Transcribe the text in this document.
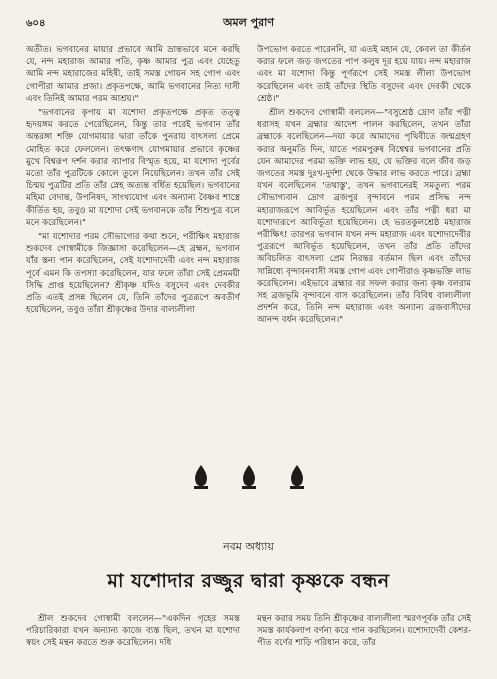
৬০৪	অমল পুরাণ

অতীত। ভগবানের মায়ার প্রভাবে আমি ভ্রান্তভাবে মনে করছি যে, নন্দ মহারাজ আমার পতি, কৃষ্ণ আমার পুত্র এবং যেহেতু আমি নন্দ মহারাজের মহিষী, তাই সমস্ত গোয়ন সহ গোপ এবং গোপীরা আমার প্রজা। প্রকৃতপক্ষে, আমি ভগবানের নিত্য দাসী এবং তিনিই আমার পরম আশ্রয়।"

"ভগবানের কৃপায় মা যশোদা প্রকৃতপক্ষে প্রকৃত তত্ত্ব হৃদয়ঙ্গম করতে পেরেছিলেন, কিন্তু তার পরেই ভগবান তাঁর অন্তরঙ্গা শক্তি যোগমায়ার দ্বারা তাঁকে পুনরায় বাৎসল্য প্রেমে মোহিত করে ফেললেন। তৎক্ষণাৎ যোগমায়ার প্রভাবে কৃষ্ণের মুখে বিশ্বরূপ দর্শন করার ব্যাপার বিস্মৃত হয়ে, মা যশোদা পূর্বের মতো তাঁর পুত্রটিকে কোলে তুলে নিয়েছিলেন। তখন তাঁর সেই চিন্ময় পুত্রটির প্রতি তাঁর স্নেহ অত্যন্ত বর্ধিত হয়েছিল। ভগবানের মহিমা বেদান্ত, উপনিষদ, সাংখ্যযোগ এবং অন্যান্য বৈষ্ণব শাস্ত্রে কীর্তিত হয়, তবুও মা যশোদা সেই ভগবানকে তাঁর শিশুপুত্র বলে মনে করেছিলেন।"

"মা যশোদার পরম সৌভাগ্যের কথা শুনে, পরীক্ষিৎ মহারাজ শুকদেব গোস্বামীকে জিজ্ঞাসা করেছিলেন—হে ব্রহ্মন, ভগবান যাঁর স্তন্য পান করেছিলেন, সেই যশোদাদেবী এবং নন্দ মহারাজ পূর্বে এমন কি তপস্যা করেছিলেন, যার ফলে তাঁরা সেই প্রেমময়ী সিদ্ধি প্রাপ্ত হয়েছিলেন? শ্রীকৃষ্ণ যদিও বসুদেব এবং দেবকীর প্রতি এতই প্রসন্ন ছিলেন যে, তিনি তাঁদের পুত্ররূপে অবতীর্ণ হয়েছিলেন, তবুও তাঁরা শ্রীকৃষ্ণের উদার বাল্যলীলা

উপভোগ করতে পারেননি, যা এতই মহান যে, কেবল তা কীর্তন করার ফলে জড় জগতের পাপ কলুষ দূর হয়ে যায়। নন্দ মহারাজ এবং মা যশোদা কিন্তু পূর্ণরূপে সেই সমস্ত লীলা উপভোগ করেছিলেন এবং তাই তাঁদের স্থিতি বসুদেব এবং দেবকী থেকে শ্রেষ্ঠ।"

শ্রীল শুকদেব গোস্বামী বললেন—"বসুশ্রেষ্ঠ দ্রোণ তাঁর পত্নী ধরাসহ যখন ব্রহ্মার আদেশ পালন করছিলেন, তখন তাঁরা ব্রহ্মাকে বলেছিলেন—দয়া করে আমাদের পৃথিবীতে জন্মগ্রহণ করার অনুমতি দিন, যাতে পরমপুরুষ বিশ্বেশ্বর ভগবানের প্রতি যেন আমাদের পরমা ভক্তি লাভ হয়, যে ভক্তির বলে জীব জড় জগতের সমস্ত দুঃখ-দুর্দশা থেকে উদ্ধার লাভ করতে পারে। ব্রহ্মা যখন বলেছিলেন 'তথাস্তু', তখন ভগবানেরই সমতুল্য পরম সৌভাগ্যবান দ্রোণ ব্রজপুর বৃন্দাবনে পরম প্রসিদ্ধ নন্দ মহারাজরূপে আবির্ভূত হয়েছিলেন এবং তাঁর পত্নী ধরা মা যশোদারূপে আবির্ভূতা হয়েছিলেন। হে ভরতকুলশ্রেষ্ঠ মহারাজ পরীক্ষিৎ! তারপর ভগবান যখন নন্দ মহারাজ এবং যশোদাদেবীর পুত্ররূপে আবির্ভূত হয়েছিলেন, তখন তাঁর প্রতি তাঁদের অবিচলিত বাৎসল্য প্রেম নিরন্তর বর্তমান ছিল এবং তাঁদের সান্নিধ্যে বৃন্দাবনবাসী সমস্ত গোপ এবং গোপীরাও কৃষ্ণভক্তি লাভ করেছিলেন। এইভাবে ব্রহ্মার বর সফল করার জন্য কৃষ্ণ বলরাম সহ ব্রজভূমি বৃন্দাবনে বাস করেছিলেন। তাঁর বিবিধ বাল্যলীলা প্রদর্শন করে, তিনি নন্দ মহারাজ এবং অন্যান্য ব্রজবাসীদের আনন্দ বর্ধন করেছিলেন।"

নবম অধ্যায়
মা যশোদার রজ্জুর দ্বারা কৃষ্ণকে বন্ধন

শ্রীল শুকদেব গোস্বামী বললেন—"একদিন গৃহের সমস্ত পরিচারিকারা যখন অন্যান্য কাজে ব্যস্ত ছিল, তখন মা যশোদা স্বয়ং সেই মন্থন করতে শুরু করেছিলেন। দধি

মন্থন করার সময় তিনি শ্রীকৃষ্ণের বাল্যলীলা স্মরণপূর্বক তাঁর সেই সমস্ত কার্যকলাপ বর্ণনা করে গান করছিলেন। যশোদাদেবী কেশর-পীত বর্ণের শাড়ি পরিধান করে, তাঁর
